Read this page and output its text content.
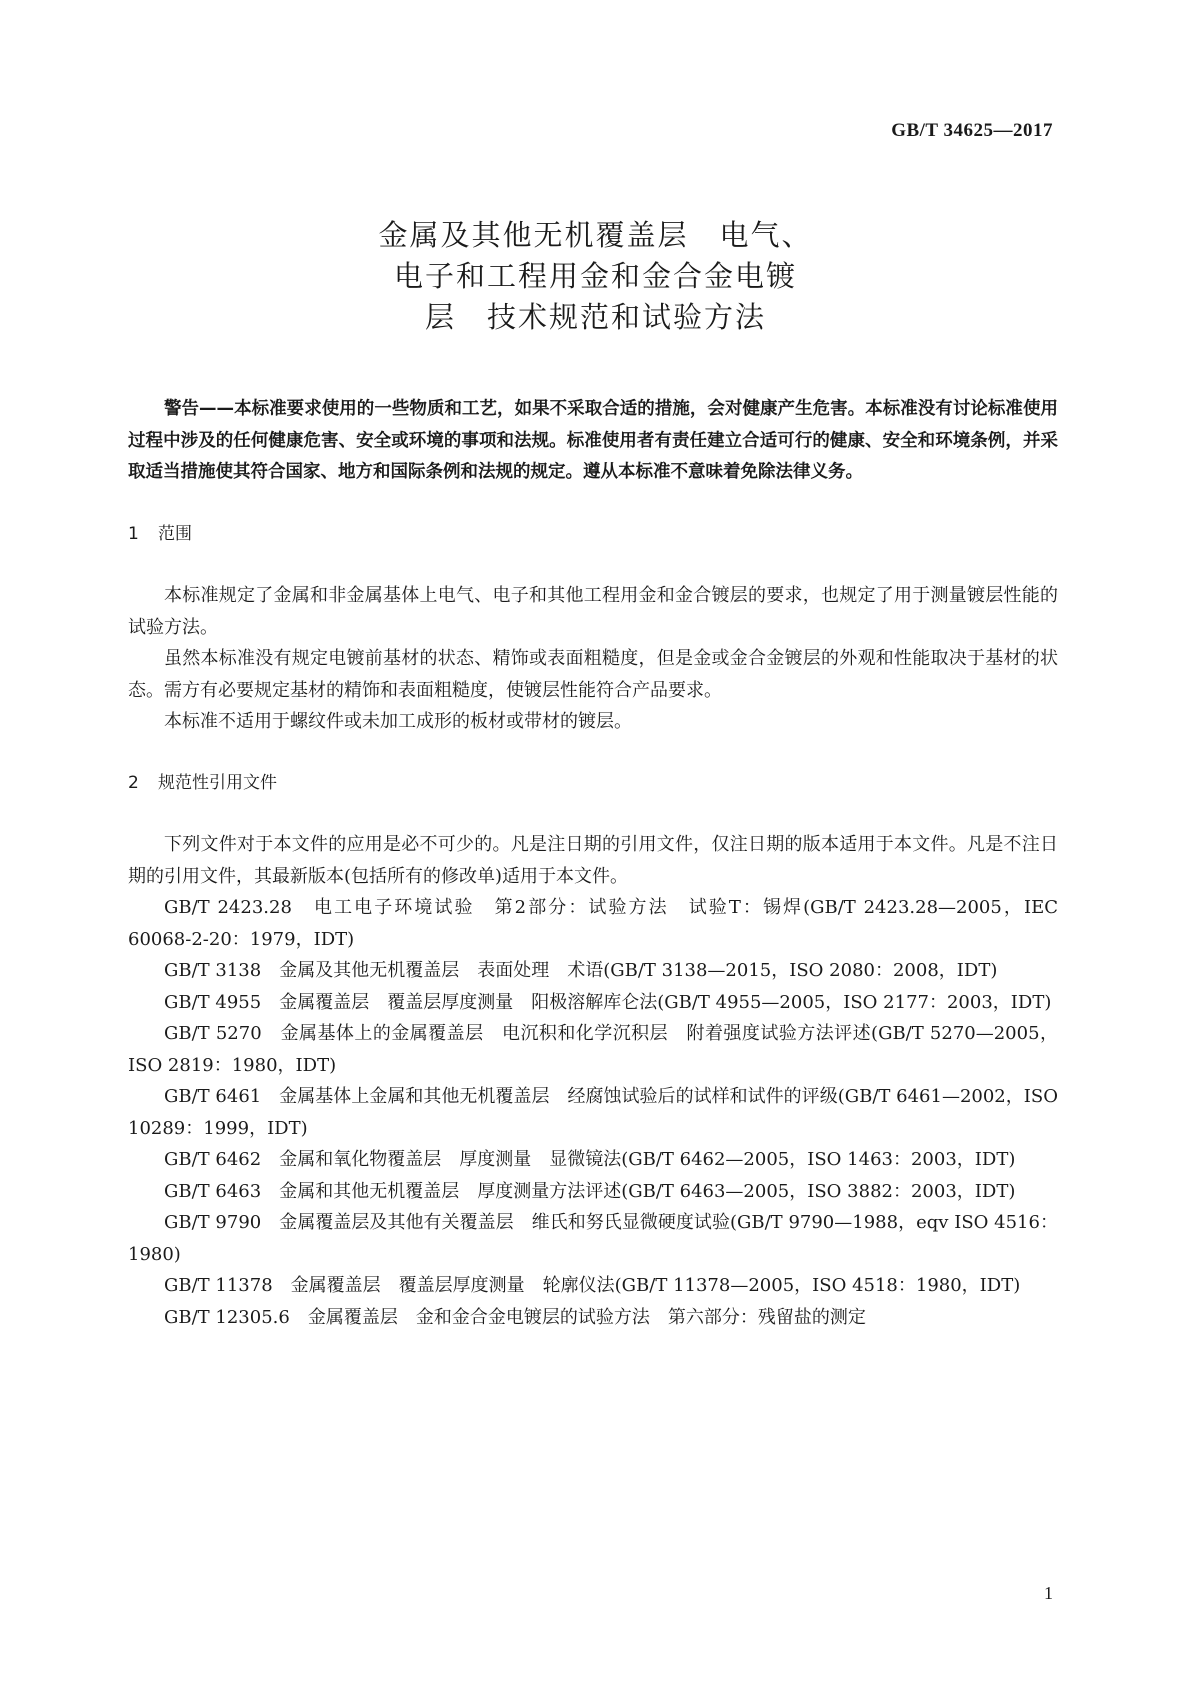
GB/T 34625—2017
金属及其他无机覆盖层　电气、
电子和工程用金和金合金电镀
层　技术规范和试验方法

警告——本标准要求使用的一些物质和工艺，如果不采取合适的措施，会对健康产生危害。本标准没有讨论标准使用过程中涉及的任何健康危害、安全或环境的事项和法规。标准使用者有责任建立合适可行的健康、安全和环境条例，并采取适当措施使其符合国家、地方和国际条例和法规的规定。遵从本标准不意味着免除法律义务。

1 范围

本标准规定了金属和非金属基体上电气、电子和其他工程用金和金合镀层的要求，也规定了用于测量镀层性能的试验方法。

虽然本标准没有规定电镀前基材的状态、精饰或表面粗糙度，但是金或金合金镀层的外观和性能取决于基材的状态。需方有必要规定基材的精饰和表面粗糙度，使镀层性能符合产品要求。

本标准不适用于螺纹件或未加工成形的板材或带材的镀层。

2 规范性引用文件

下列文件对于本文件的应用是必不可少的。凡是注日期的引用文件，仅注日期的版本适用于本文件。凡是不注日期的引用文件，其最新版本(包括所有的修改单)适用于本文件。

GB/T 2423.28　电工电子环境试验　第2部分：试验方法　试验T：锡焊(GB/T 2423.28—2005，IEC 60068-2-20：1979，IDT)

GB/T 3138　金属及其他无机覆盖层　表面处理　术语(GB/T 3138—2015，ISO 2080：2008，IDT)

GB/T 4955　金属覆盖层　覆盖层厚度测量　阳极溶解库仑法(GB/T 4955—2005，ISO 2177：2003，IDT)

GB/T 5270　金属基体上的金属覆盖层　电沉积和化学沉积层　附着强度试验方法评述(GB/T 5270—2005，ISO 2819：1980，IDT)

GB/T 6461　金属基体上金属和其他无机覆盖层　经腐蚀试验后的试样和试件的评级(GB/T 6461—2002，ISO 10289：1999，IDT)

GB/T 6462　金属和氧化物覆盖层　厚度测量　显微镜法(GB/T 6462—2005，ISO 1463：2003，IDT)

GB/T 6463　金属和其他无机覆盖层　厚度测量方法评述(GB/T 6463—2005，ISO 3882：2003，IDT)

GB/T 9790　金属覆盖层及其他有关覆盖层　维氏和努氏显微硬度试验(GB/T 9790—1988，eqv ISO 4516：1980)

GB/T 11378　金属覆盖层　覆盖层厚度测量　轮廓仪法(GB/T 11378—2005，ISO 4518：1980，IDT)

GB/T 12305.6　金属覆盖层　金和金合金电镀层的试验方法　第六部分：残留盐的测定

1
